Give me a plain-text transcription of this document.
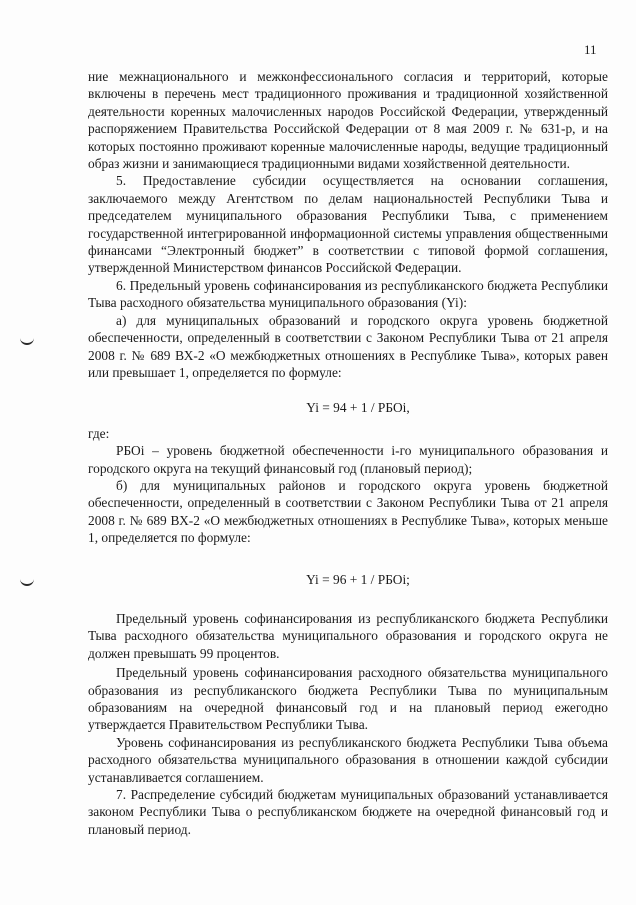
11

ние межнационального и межконфессионального согласия и территорий, которые включены в перечень мест традиционного проживания и традиционной хозяйственной деятельности коренных малочисленных народов Российской Федерации, утвержденный распоряжением Правительства Российской Федерации от 8 мая 2009 г. № 631-р, и на которых постоянно проживают коренные малочисленные народы, ведущие традиционный образ жизни и занимающиеся традиционными видами хозяйственной деятельности.

5. Предоставление субсидии осуществляется на основании соглашения, заключаемого между Агентством по делам национальностей Республики Тыва и председателем муниципального образования Республики Тыва, с применением государственной интегрированной информационной системы управления общественными финансами “Электронный бюджет” в соответствии с типовой формой соглашения, утвержденной Министерством финансов Российской Федерации.

6. Предельный уровень софинансирования из республиканского бюджета Республики Тыва расходного обязательства муниципального образования (Yi):

а) для муниципальных образований и городского округа уровень бюджетной обеспеченности, определенный в соответствии с Законом Республики Тыва от 21 апреля 2008 г. № 689 ВХ-2 «О межбюджетных отношениях в Республике Тыва», которых равен или превышает 1, определяется по формуле:

Yi = 94 + 1 / РБОi,

где:

РБОi – уровень бюджетной обеспеченности i-го муниципального образования и городского округа на текущий финансовый год (плановый период);

б) для муниципальных районов и городского округа уровень бюджетной обеспеченности, определенный в соответствии с Законом Республики Тыва от 21 апреля 2008 г. № 689 ВХ-2 «О межбюджетных отношениях в Республике Тыва», которых меньше 1, определяется по формуле:

Yi = 96 + 1 / РБОi;

Предельный уровень софинансирования из республиканского бюджета Республики Тыва расходного обязательства муниципального образования и городского округа не должен превышать 99 процентов.

Предельный уровень софинансирования расходного обязательства муниципального образования из республиканского бюджета Республики Тыва по муниципальным образованиям на очередной финансовый год и на плановый период ежегодно утверждается Правительством Республики Тыва.

Уровень софинансирования из республиканского бюджета Республики Тыва объема расходного обязательства муниципального образования в отношении каждой субсидии устанавливается соглашением.

7. Распределение субсидий бюджетам муниципальных образований устанавливается законом Республики Тыва о республиканском бюджете на очередной финансовый год и плановый период.
